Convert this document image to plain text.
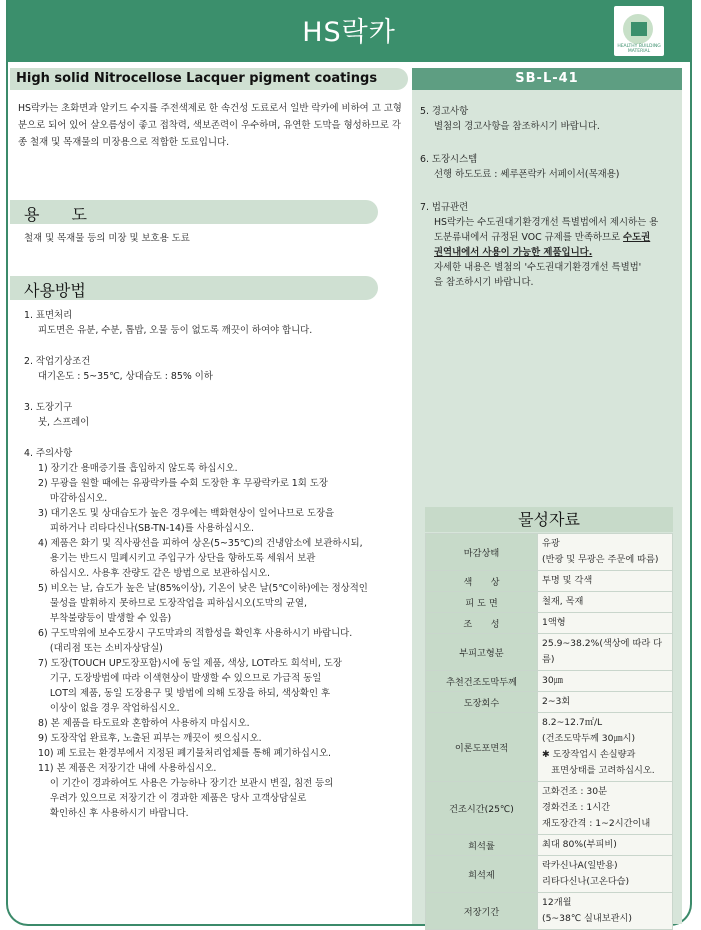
HS락카	HEALTHY BUILDING MATERIAL
High solid Nitrocellose Lacquer pigment coatings	SB-L-41
HS락카는 초화면과 알키드 수지를 주전색제로 한 속건성 도료로서 일반 락카에 비하여 고 고형분으로 되어 있어 살오름성이 좋고 접착력, 색보존력이 우수하며, 유연한 도막을 형성하므로 각종 철재 및 목재물의 미장용으로 적합한 도료입니다.
용　　도
철재 및 목재물 등의 미장 및 보호용 도료
사용방법
1. 표면처리
피도면은 유분, 수분, 톱밥, 오물 등이 없도록 깨끗이 하여야 합니다.
2. 작업기상조건
대기온도 : 5~35℃, 상대습도 : 85% 이하
3. 도장기구
붓, 스프레이
4. 주의사항
1) 장기간 용매증기를 흡입하지 않도록 하십시오.
2) 무광을 원할 때에는 유광락카를 수회 도장한 후 무광락카로 1회 도장
마감하십시오.
3) 대기온도 및 상대습도가 높은 경우에는 백화현상이 일어나므로 도장을
피하거나 리타다신나(SB-TN-14)를 사용하십시오.
4) 제품은 화기 및 직사광선을 피하여 상온(5~35℃)의 건냉암소에 보관하시되,
용기는 반드시 밀폐시키고 주입구가 상단을 향하도록 세워서 보관
하십시오. 사용후 잔량도 같은 방법으로 보관하십시오.
5) 비오는 날, 습도가 높은 날(85%이상), 기온이 낮은 날(5℃이하)에는 정상적인
물성을 발휘하지 못하므로 도장작업을 피하십시오(도막의 균열,
부착불량등이 발생할 수 있음)
6) 구도막위에 보수도장시 구도막과의 적합성을 확인후 사용하시기 바랍니다.
(대리점 또는 소비자상담실)
7) 도장(TOUCH UP도장포함)시에 동일 제품, 색상, LOT라도 희석비, 도장
기구, 도장방법에 따라 이색현상이 발생할 수 있으므로 가급적 동일
LOT의 제품, 동일 도장용구 및 방법에 의해 도장을 하되, 색상확인 후
이상이 없을 경우 작업하십시오.
8) 본 제품을 타도료와 혼합하여 사용하지 마십시오.
9) 도장작업 완료후, 노출된 피부는 깨끗이 씻으십시오.
10) 폐 도료는 환경부에서 지정된 폐기물처리업체를 통해 폐기하십시오.
11) 본 제품은 저장기간 내에 사용하십시오.
이 기간이 경과하여도 사용은 가능하나 장기간 보관시 변질, 침전 등의
우려가 있으므로 저장기간 이 경과한 제품은 당사 고객상담실로
확인하신 후 사용하시기 바랍니다.
5. 경고사항
별첨의 경고사항을 참조하시기 바랍니다.
6. 도장시스템
선행 하도도료 : 쎄루폰락카 서페이서(목재용)
7. 법규관련
HS락카는 수도권대기환경개선 특별법에서 제시하는 용
도분류내에서 규정된 VOC 규제를 만족하므로 수도권
권역내에서 사용이 가능한 제품입니다.
자세한 내용은 별첨의 '수도권대기환경개선 특별법'
을 참조하시기 바랍니다.
물성자료
마감상태	유광
(반광 및 무광은 주문에 따름)

색　　상	투명 및 각색

피 도 면	철재, 목재

조　　성	1액형

부피고형분	25.9~38.2%(색상에 따라 다름)

추천건조도막두께	30㎛

도장회수	2~3회

이론도포면적	8.2~12.7㎡/L
(건조도막두께 30㎛시)
✱ 도장작업시 손실량과
　표면상태를 고려하십시오.

건조시간(25℃)	고화건조 : 30분
경화건조 : 1시간
재도장간격 : 1~2시간이내

희석률	최대 80%(부피비)

희석제	락카신나A(일반용)
리타다신나(고온다습)

저장기간	12개월
(5~38℃ 실내보관시)
